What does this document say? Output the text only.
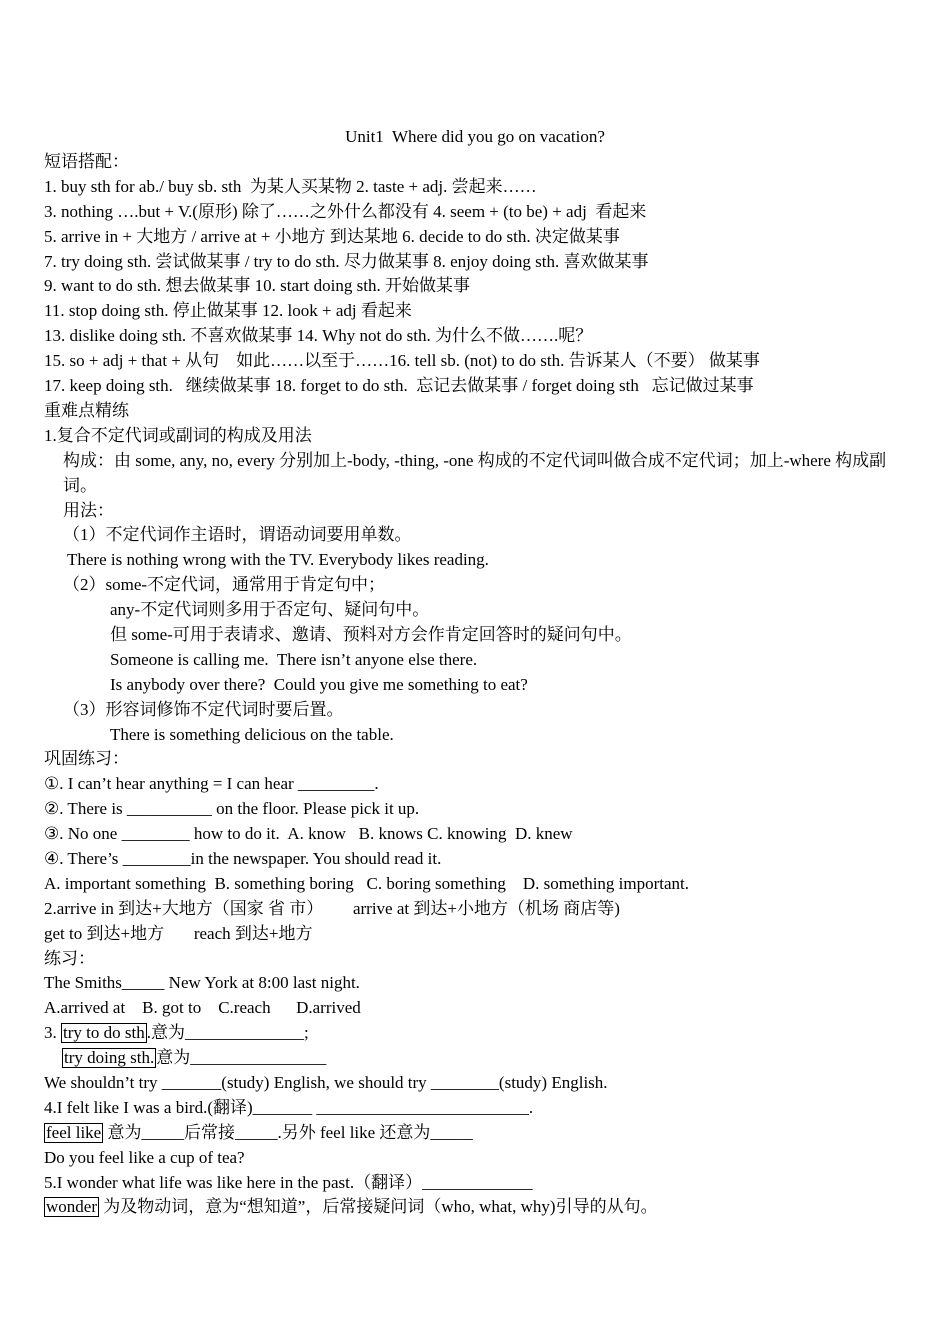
Unit1  Where did you go on vacation?
短语搭配：
1. buy sth for ab./ buy sb. sth  为某人买某物 2. taste + adj. 尝起来……
3. nothing ….but + V.(原形) 除了……之外什么都没有 4. seem + (to be) + adj  看起来
5. arrive in + 大地方 / arrive at + 小地方 到达某地 6. decide to do sth. 决定做某事
7. try doing sth. 尝试做某事 / try to do sth. 尽力做某事 8. enjoy doing sth. 喜欢做某事
9. want to do sth. 想去做某事 10. start doing sth. 开始做某事
11. stop doing sth. 停止做某事 12. look + adj 看起来
13. dislike doing sth. 不喜欢做某事 14. Why not do sth. 为什么不做…….呢？
15. so + adj + that + 从句    如此……以至于……16. tell sb. (not) to do sth. 告诉某人（不要） 做某事
17. keep doing sth.   继续做某事 18. forget to do sth.  忘记去做某事 / forget doing sth   忘记做过某事
重难点精练
1.复合不定代词或副词的构成及用法
构成：由 some, any, no, every 分别加上-body, -thing, -one 构成的不定代词叫做合成不定代词；加上-where 构成副词。
用法：
（1）不定代词作主语时，谓语动词要用单数。
There is nothing wrong with the TV. Everybody likes reading.
（2）some-不定代词，通常用于肯定句中；
any-不定代词则多用于否定句、疑问句中。
但 some-可用于表请求、邀请、预料对方会作肯定回答时的疑问句中。
Someone is calling me.  There isn’t anyone else there.
Is anybody over there?  Could you give me something to eat?
（3）形容词修饰不定代词时要后置。
There is something delicious on the table.
巩固练习：
①. I can’t hear anything = I can hear _________.
②. There is __________ on the floor. Please pick it up.
③. No one ________ how to do it.  A. know   B. knows C. knowing  D. knew
④. There’s ________in the newspaper. You should read it.
A. important something  B. something boring   C. boring something    D. something important.
2.arrive in 到达+大地方（国家 省 市）       arrive at 到达+小地方（机场 商店等)
get to 到达+地方       reach 到达+地方
练习：
The Smiths_____ New York at 8:00 last night.
A.arrived at    B. got to    C.reach      D.arrived
3. try to do sth .意为______________;
try doing sth. 意为________________
We shouldn’t try _______(study) English, we should try ________(study) English.
4.I felt like I was a bird.(翻译)_______ _________________________.
feel like 意为_____后常接_____.另外 feel like 还意为_____
Do you feel like a cup of tea?
5.I wonder what life was like here in the past.（翻译）_____________
wonder 为及物动词，意为“想知道”，后常接疑问词（who, what, why)引导的从句。
